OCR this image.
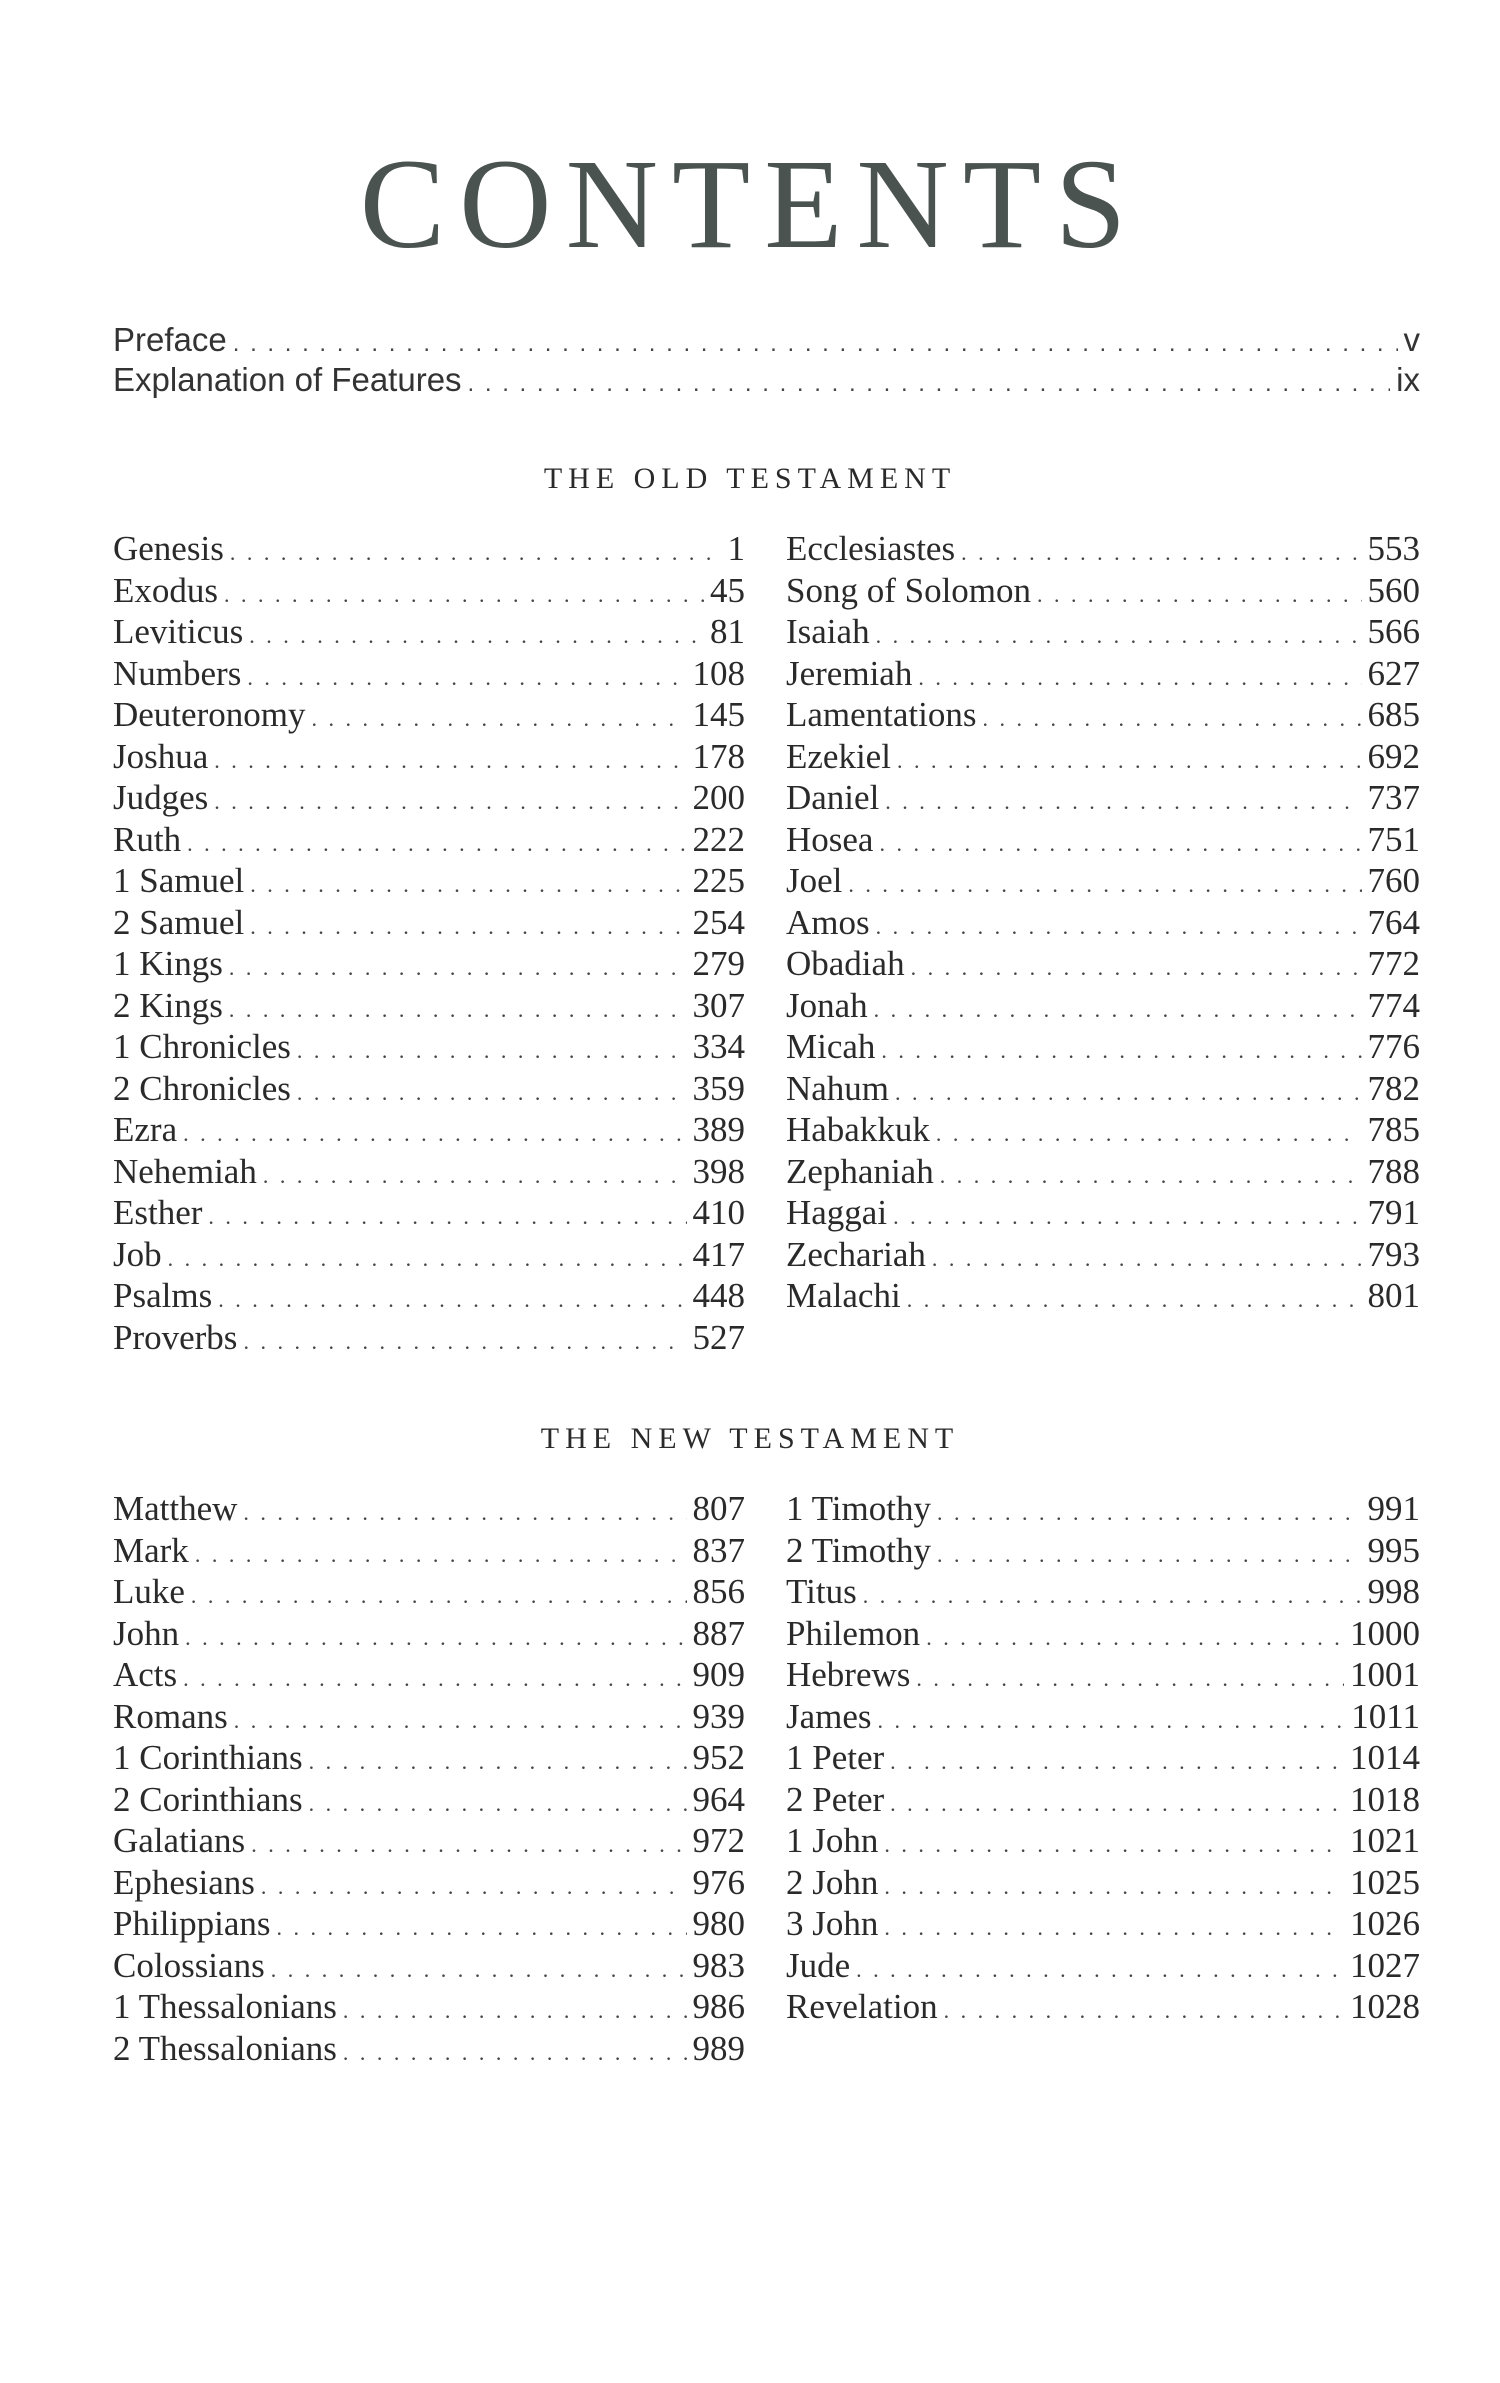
CONTENTS
Preface . . .	v
Explanation of Features . . .	ix
THE OLD TESTAMENT
Genesis . . .	1
Exodus . . .	45
Leviticus . . .	81
Numbers . . .	108
Deuteronomy . . .	145
Joshua . . .	178
Judges . . .	200
Ruth . . .	222
1 Samuel . . .	225
2 Samuel . . .	254
1 Kings . . .	279
2 Kings . . .	307
1 Chronicles . . .	334
2 Chronicles . . .	359
Ezra . . .	389
Nehemiah . . .	398
Esther . . .	410
Job . . .	417
Psalms . . .	448
Proverbs . . .	527
Ecclesiastes . . .	553
Song of Solomon . . .	560
Isaiah . . .	566
Jeremiah . . .	627
Lamentations . . .	685
Ezekiel . . .	692
Daniel . . .	737
Hosea . . .	751
Joel . . .	760
Amos . . .	764
Obadiah . . .	772
Jonah . . .	774
Micah . . .	776
Nahum . . .	782
Habakkuk . . .	785
Zephaniah . . .	788
Haggai . . .	791
Zechariah . . .	793
Malachi . . .	801
THE NEW TESTAMENT
Matthew . . .	807
Mark . . .	837
Luke . . .	856
John . . .	887
Acts . . .	909
Romans . . .	939
1 Corinthians . . .	952
2 Corinthians . . .	964
Galatians . . .	972
Ephesians . . .	976
Philippians . . .	980
Colossians . . .	983
1 Thessalonians . . .	986
2 Thessalonians . . .	989
1 Timothy . . .	991
2 Timothy . . .	995
Titus . . .	998
Philemon . . .	1000
Hebrews . . .	1001
James . . .	1011
1 Peter . . .	1014
2 Peter . . .	1018
1 John . . .	1021
2 John . . .	1025
3 John . . .	1026
Jude . . .	1027
Revelation . . .	1028
